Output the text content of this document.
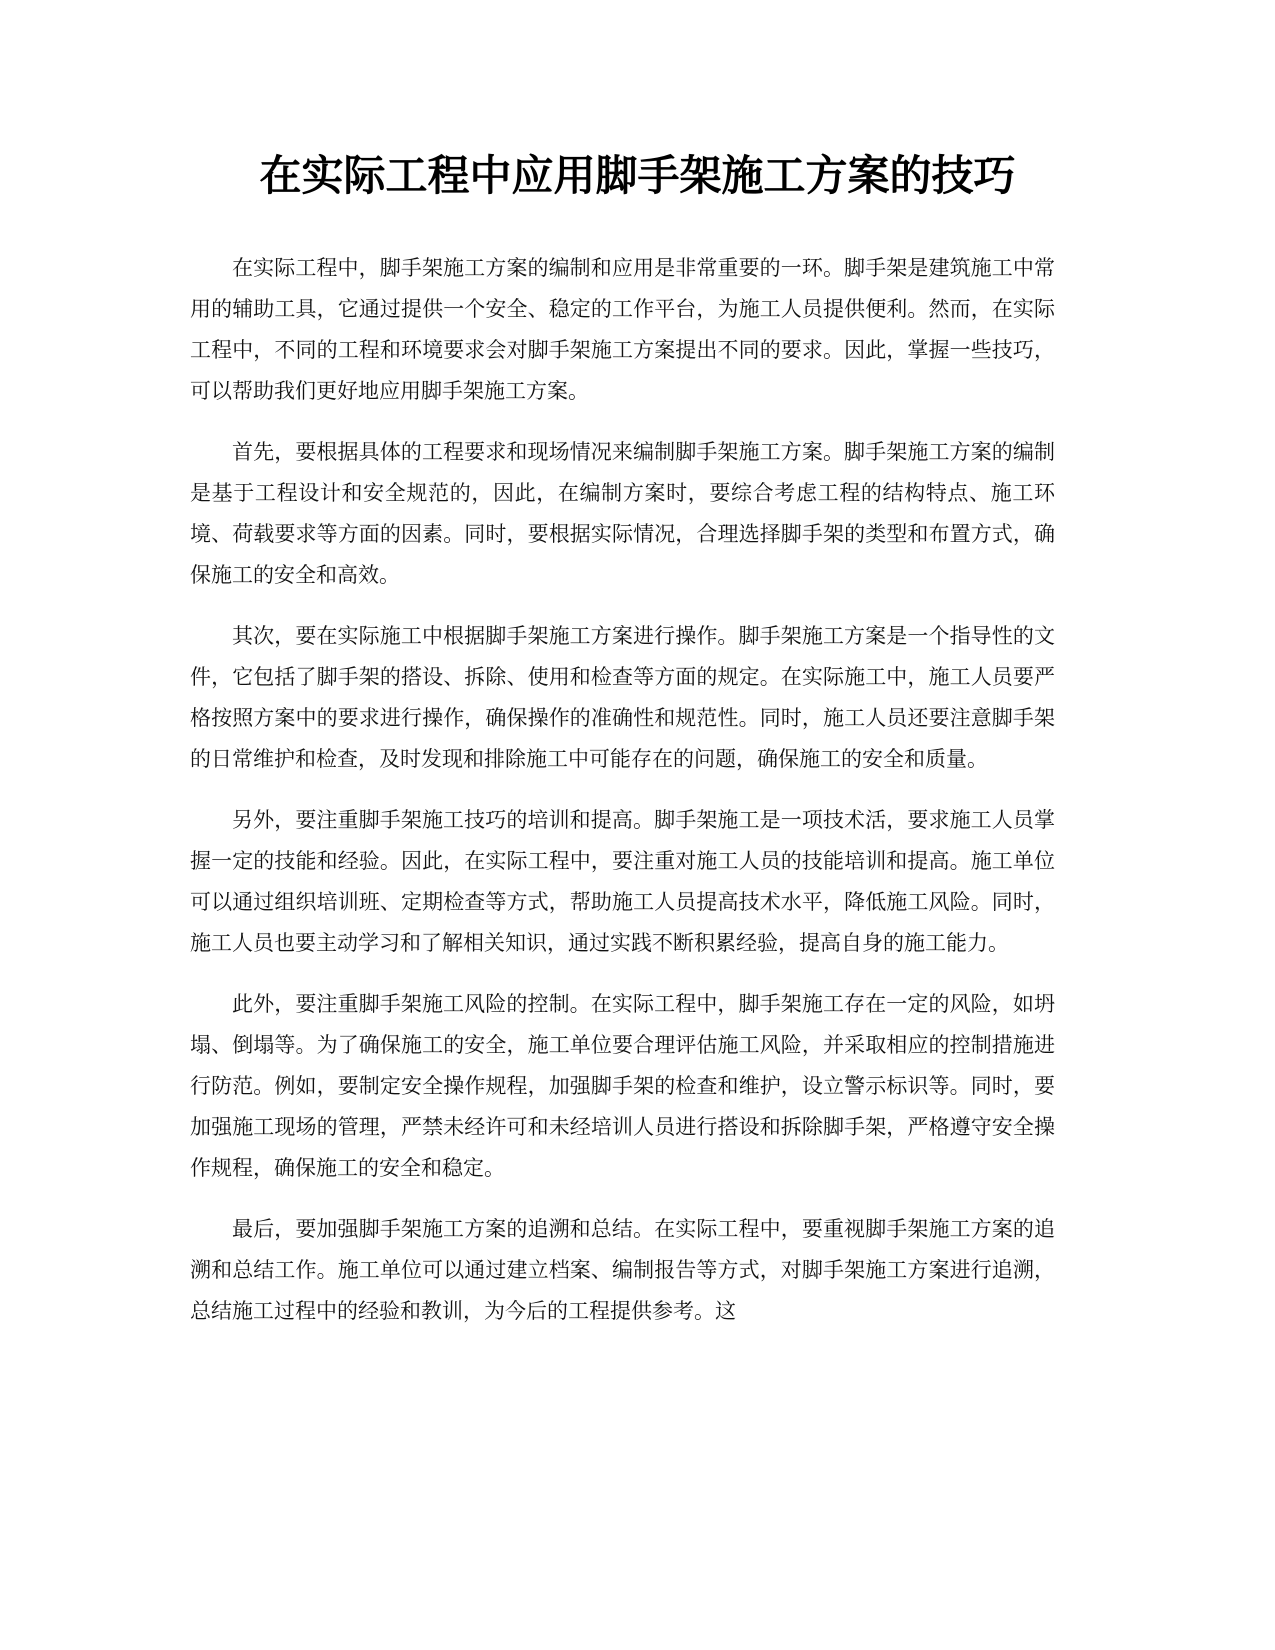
在实际工程中应用脚手架施工方案的技巧

在实际工程中，脚手架施工方案的编制和应用是非常重要的一环。脚手架是建筑施工中常用的辅助工具，它通过提供一个安全、稳定的工作平台，为施工人员提供便利。然而，在实际工程中，不同的工程和环境要求会对脚手架施工方案提出不同的要求。因此，掌握一些技巧，可以帮助我们更好地应用脚手架施工方案。

首先，要根据具体的工程要求和现场情况来编制脚手架施工方案。脚手架施工方案的编制是基于工程设计和安全规范的，因此，在编制方案时，要综合考虑工程的结构特点、施工环境、荷载要求等方面的因素。同时，要根据实际情况，合理选择脚手架的类型和布置方式，确保施工的安全和高效。

其次，要在实际施工中根据脚手架施工方案进行操作。脚手架施工方案是一个指导性的文件，它包括了脚手架的搭设、拆除、使用和检查等方面的规定。在实际施工中，施工人员要严格按照方案中的要求进行操作，确保操作的准确性和规范性。同时，施工人员还要注意脚手架的日常维护和检查，及时发现和排除施工中可能存在的问题，确保施工的安全和质量。

另外，要注重脚手架施工技巧的培训和提高。脚手架施工是一项技术活，要求施工人员掌握一定的技能和经验。因此，在实际工程中，要注重对施工人员的技能培训和提高。施工单位可以通过组织培训班、定期检查等方式，帮助施工人员提高技术水平，降低施工风险。同时，施工人员也要主动学习和了解相关知识，通过实践不断积累经验，提高自身的施工能力。

此外，要注重脚手架施工风险的控制。在实际工程中，脚手架施工存在一定的风险，如坍塌、倒塌等。为了确保施工的安全，施工单位要合理评估施工风险，并采取相应的控制措施进行防范。例如，要制定安全操作规程，加强脚手架的检查和维护，设立警示标识等。同时，要加强施工现场的管理，严禁未经许可和未经培训人员进行搭设和拆除脚手架，严格遵守安全操作规程，确保施工的安全和稳定。

最后，要加强脚手架施工方案的追溯和总结。在实际工程中，要重视脚手架施工方案的追溯和总结工作。施工单位可以通过建立档案、编制报告等方式，对脚手架施工方案进行追溯，总结施工过程中的经验和教训，为今后的工程提供参考。这
